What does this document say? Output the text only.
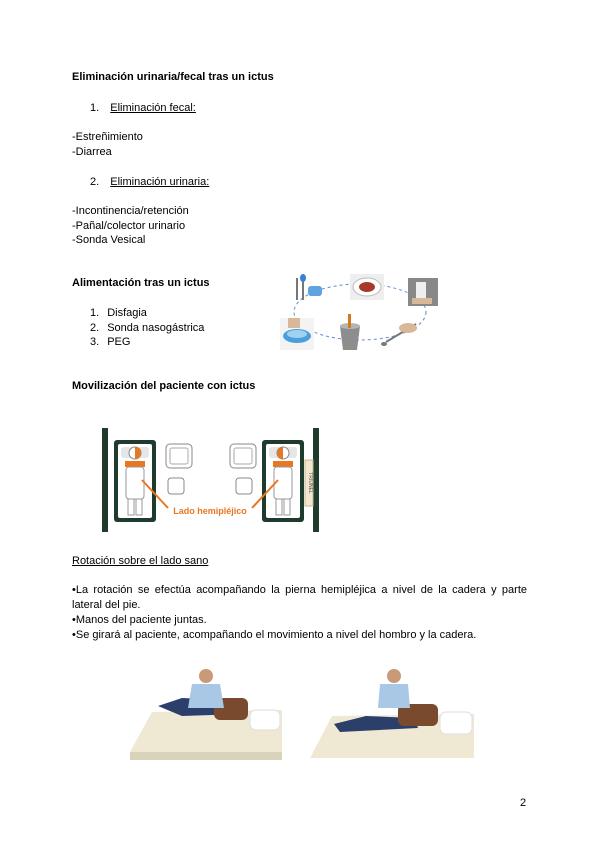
Eliminación urinaria/fecal tras un ictus
1. Eliminación fecal:
-Estreñimiento
-Diarrea
2. Eliminación urinaria:
-Incontinencia/retención
-Pañal/colector urinario
-Sonda Vesical
Alimentación tras un ictus
1. Disfagia
2. Sonda nasogástrica
3. PEG
Movilización del paciente con ictus
TRIUNEL
Lado hemipléjico
Rotación sobre el lado sano
•La rotación se efectúa acompañando la pierna hemipléjica a nivel de la cadera y parte lateral del pie.
•Manos del paciente juntas.
•Se girará al paciente, acompañando el movimiento a nivel del hombro y la cadera.
2
